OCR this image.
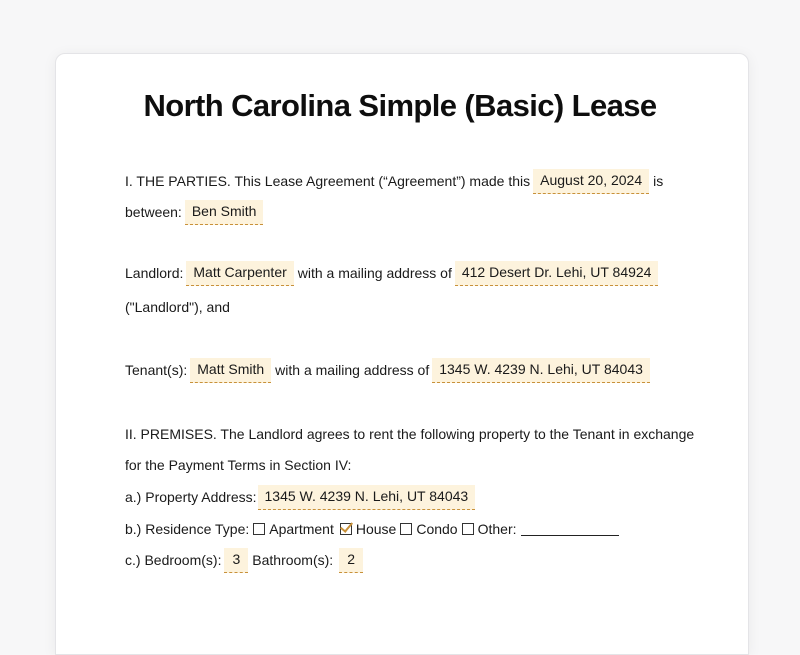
North Carolina Simple (Basic) Lease
I. THE PARTIES. This Lease Agreement (“Agreement”) made this August 20, 2024 is
between: Ben Smith
Landlord: Matt Carpenter with a mailing address of 412 Desert Dr. Lehi, UT 84924
("Landlord"), and
Tenant(s): Matt Smith with a mailing address of 1345 W. 4239 N. Lehi, UT 84043
II. PREMISES. The Landlord agrees to rent the following property to the Tenant in exchange
for the Payment Terms in Section IV:
a.) Property Address: 1345 W. 4239 N. Lehi, UT 84043
b.) Residence Type: Apartment House Condo Other:
c.) Bedroom(s): 3 Bathroom(s):	2
